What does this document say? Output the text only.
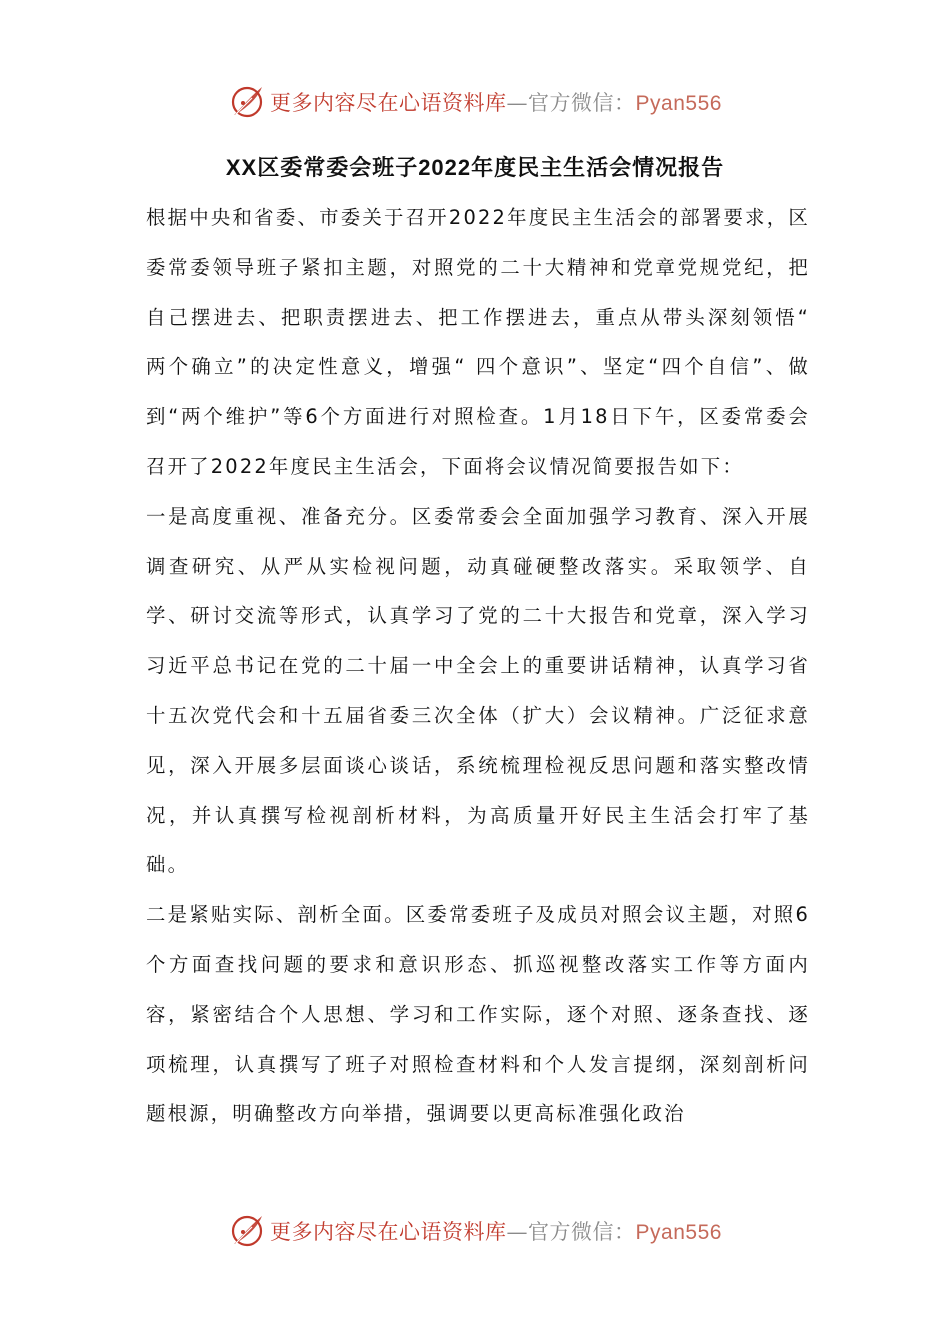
更多内容尽在心语资料库—官方微信：Pyan556
XX区委常委会班子2022年度民主生活会情况报告

根据中央和省委、市委关于召开2022年度民主生活会的部署要求，区委常委领导班子紧扣主题，对照党的二十大精神和党章党规党纪，把自己摆进去、把职责摆进去、把工作摆进去，重点从带头深刻领悟“ 两个确立”的决定性意义，增强“ 四个意识”、坚定“四个自信”、做到“两个维护”等6个方面进行对照检查。1月18日下午，区委常委会召开了2022年度民主生活会，下面将会议情况简要报告如下：

一是高度重视、准备充分。区委常委会全面加强学习教育、深入开展调查研究、从严从实检视问题，动真碰硬整改落实。采取领学、自学、研讨交流等形式，认真学习了党的二十大报告和党章，深入学习习近平总书记在党的二十届一中全会上的重要讲话精神，认真学习省十五次党代会和十五届省委三次全体（扩大）会议精神。广泛征求意见，深入开展多层面谈心谈话，系统梳理检视反思问题和落实整改情况，并认真撰写检视剖析材料，为高质量开好民主生活会打牢了基础。

二是紧贴实际、剖析全面。区委常委班子及成员对照会议主题，对照6个方面查找问题的要求和意识形态、抓巡视整改落实工作等方面内容，紧密结合个人思想、学习和工作实际，逐个对照、逐条查找、逐项梳理，认真撰写了班子对照检查材料和个人发言提纲，深刻剖析问题根源，明确整改方向举措，强调要以更高标准强化政治

更多内容尽在心语资料库—官方微信：Pyan556
